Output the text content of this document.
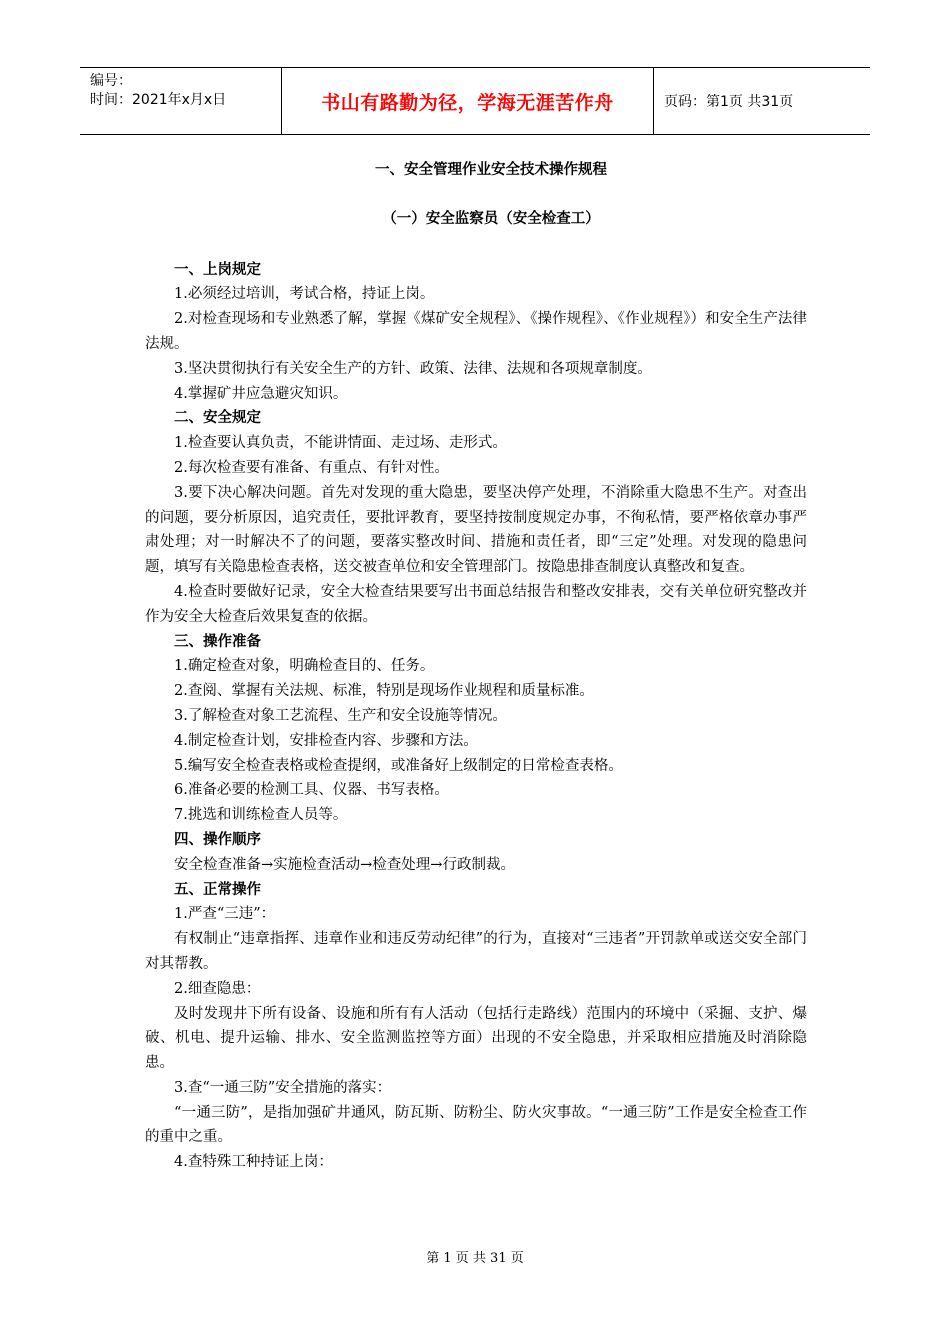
编号：
时间：2021年x月x日	书山有路勤为径，学海无涯苦作舟	页码：第1页 共31页
一、安全管理作业安全技术操作规程
（一）安全监察员（安全检查工）

一、上岗规定

1.必须经过培训，考试合格，持证上岗。

2.对检查现场和专业熟悉了解，掌握《煤矿安全规程》、《操作规程》、《作业规程》）和安全生产法律法规。

3.坚决贯彻执行有关安全生产的方针、政策、法律、法规和各项规章制度。

4.掌握矿井应急避灾知识。

二、安全规定

1.检查要认真负责，不能讲情面、走过场、走形式。

2.每次检查要有准备、有重点、有针对性。

3.要下决心解决问题。首先对发现的重大隐患，要坚决停产处理，不消除重大隐患不生产。对查出的问题，要分析原因，追究责任，要批评教育，要坚持按制度规定办事，不徇私情，要严格依章办事严肃处理；对一时解决不了的问题，要落实整改时间、措施和责任者，即“三定”处理。对发现的隐患问题，填写有关隐患检查表格，送交被查单位和安全管理部门。按隐患排查制度认真整改和复查。

4.检查时要做好记录，安全大检查结果要写出书面总结报告和整改安排表，交有关单位研究整改并作为安全大检查后效果复查的依据。

三、操作准备

1.确定检查对象，明确检查目的、任务。

2.查阅、掌握有关法规、标准，特别是现场作业规程和质量标准。

3.了解检查对象工艺流程、生产和安全设施等情况。

4.制定检查计划，安排检查内容、步骤和方法。

5.编写安全检查表格或检查提纲，或准备好上级制定的日常检查表格。

6.准备必要的检测工具、仪器、书写表格。

7.挑选和训练检查人员等。

四、操作顺序

安全检查准备→实施检查活动→检查处理→行政制裁。

五、正常操作

1.严查“三违”：

有权制止“违章指挥、违章作业和违反劳动纪律”的行为，直接对“三违者”开罚款单或送交安全部门对其帮教。

2.细查隐患：

及时发现井下所有设备、设施和所有有人活动（包括行走路线）范围内的环境中（采掘、支护、爆破、机电、提升运输、排水、安全监测监控等方面）出现的不安全隐患，并采取相应措施及时消除隐患。

3.查“一通三防”安全措施的落实：

“一通三防”，是指加强矿井通风，防瓦斯、防粉尘、防火灾事故。“一通三防”工作是安全检查工作的重中之重。

4.查特殊工种持证上岗：

第 1 页 共 31 页
